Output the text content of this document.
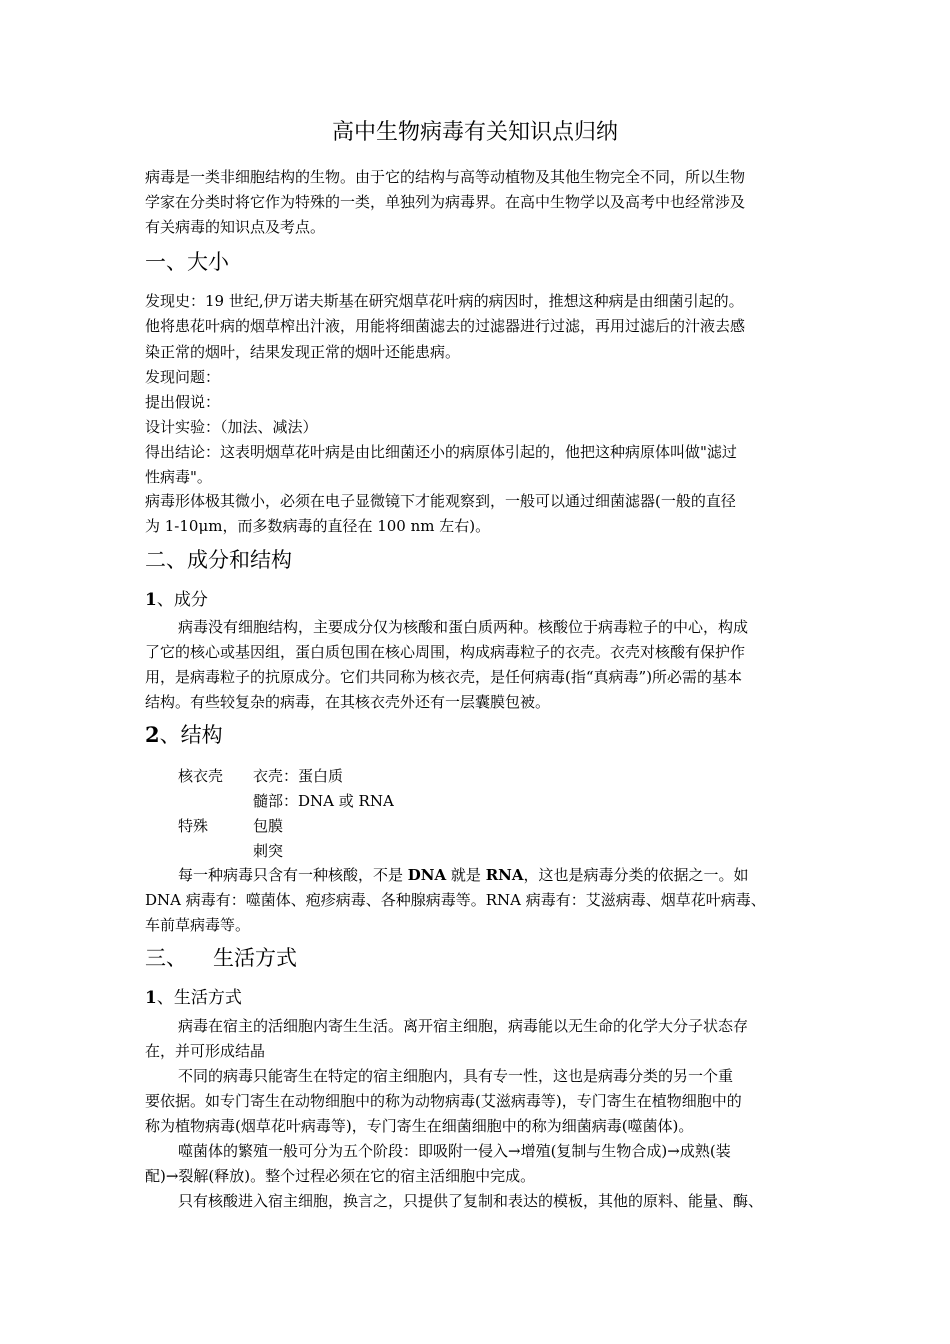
高中生物病毒有关知识点归纳
病毒是一类非细胞结构的生物。由于它的结构与高等动植物及其他生物完全不同，所以生物
学家在分类时将它作为特殊的一类，单独列为病毒界。在高中生物学以及高考中也经常涉及
有关病毒的知识点及考点。
一、大小
发现史：19 世纪,伊万诺夫斯基在研究烟草花叶病的病因时，推想这种病是由细菌引起的。
他将患花叶病的烟草榨出汁液，用能将细菌滤去的过滤器进行过滤，再用过滤后的汁液去感
染正常的烟叶，结果发现正常的烟叶还能患病。
发现问题：
提出假说：
设计实验：（加法、减法）
得出结论：这表明烟草花叶病是由比细菌还小的病原体引起的，他把这种病原体叫做"滤过
性病毒"。
病毒形体极其微小，必须在电子显微镜下才能观察到，一般可以通过细菌滤器(一般的直径
为 1-10μm，而多数病毒的直径在 100 nm 左右)。
二、成分和结构
1、成分
病毒没有细胞结构，主要成分仅为核酸和蛋白质两种。核酸位于病毒粒子的中心，构成
了它的核心或基因组，蛋白质包围在核心周围，构成病毒粒子的衣壳。衣壳对核酸有保护作
用，是病毒粒子的抗原成分。它们共同称为核衣壳，是任何病毒(指“真病毒”)所必需的基本
结构。有些较复杂的病毒，在其核衣壳外还有一层囊膜包被。
2、结构
核衣壳 衣壳：蛋白质
髓部：DNA 或 RNA
特殊	包膜
刺突
每一种病毒只含有一种核酸，不是 DNA 就是 RNA，这也是病毒分类的依据之一。如
DNA 病毒有：噬菌体、疱疹病毒、各种腺病毒等。RNA 病毒有：艾滋病毒、烟草花叶病毒、
车前草病毒等。
三、 生活方式
1、生活方式
病毒在宿主的活细胞内寄生生活。离开宿主细胞，病毒能以无生命的化学大分子状态存
在，并可形成结晶
不同的病毒只能寄生在特定的宿主细胞内，具有专一性，这也是病毒分类的另一个重
要依据。如专门寄生在动物细胞中的称为动物病毒(艾滋病毒等)，专门寄生在植物细胞中的
称为植物病毒(烟草花叶病毒等)，专门寄生在细菌细胞中的称为细菌病毒(噬菌体)。
噬菌体的繁殖一般可分为五个阶段：即吸附一侵入→增殖(复制与生物合成)→成熟(装
配)→裂解(释放)。整个过程必须在它的宿主活细胞中完成。
只有核酸进入宿主细胞，换言之，只提供了复制和表达的模板，其他的原料、能量、酶、
